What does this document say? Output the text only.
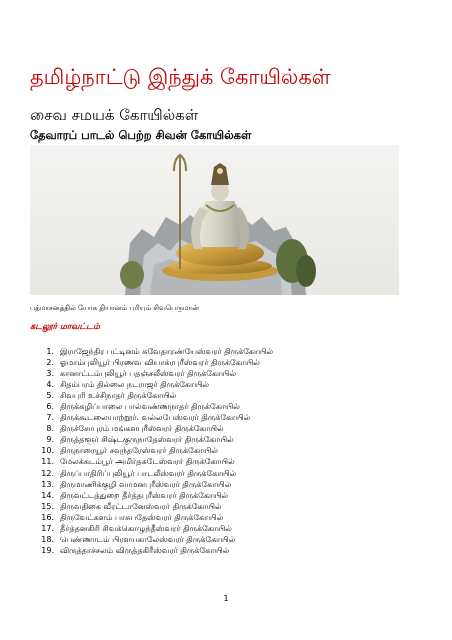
தமிழ்நாட்டு இந்துக் கோயில்கள்
சைவ சமயக் கோயில்கள்
தேவாரப் பாடல் பெற்ற சிவன் கோயில்கள்
பத்மாசனத்தில் யோக தியானம் புரியும் சிவபெருமான்
கடலூர் மாவட்டம்
1. இராஜேந்திர பட்டினம் சுவேதாரண்யேஸ்வரர் திருக்கோயில்
2. ஓமாம்புலியூர் பிரணவ வியாக்ரபுரீஸ்வரர் திருக்கோயில்
3. கானாட்டம்புலியூர் பதஞ்சலீஸ்வரர் திருக்கோயில்
4. சிதம்பரம் தில்லை நடராஜர் திருக்கோயில்
5. சிவபுரி உச்சிநாதர் திருக்கோயில்
6. திருக்கழிப்பாலை பால்வண்ணநாதர் திருக்கோயில்
7. திருக்கூடலையாற்றூர். வல்லபேஸ்வரர் திருக்கோயில்
8. திருச்சோபுரம் மங்களபுரீஸ்வரர் திருக்கோயில்
9. திருத்தளூர் சிஷ்டகுருநாதேஸ்வரர் திருக்கோயில்
10. திருநாரையூர் சவுந்தரேஸ்வரர் திருக்கோயில்
11. மேலக்கடம்பூர் அமிர்தகடேஸ்வரர் திருக்கோயில்
12. திருப்பாதிரிப்புலியூர் பாடலீஸ்வரர் திருக்கோயில்
13. திருமாணிக்குழி வாமனபுரீஸ்வரர் திருக்கோயில்
14. திருவட்டத்துறை தீர்த்தபுரீஸ்வரர் திருக்கோயில்
15. திருவதிகை வீரட்டானேஸ்வரர் திருக்கோயில்
16. திருவேட்களம் பாசுபதேஸ்வரர் திருக்கோயில்
17. தீர்த்தனகிரி சிவக்கொழுந்தீஸ்வரர் திருக்கோயில்
18. பெண்ணாடம் பிரளயகாலேஸ்வரர் திருக்கோயில்
19. விருத்தாச்சலம் விருத்தகிரீஸ்வரர் திருக்கோயில்
1
